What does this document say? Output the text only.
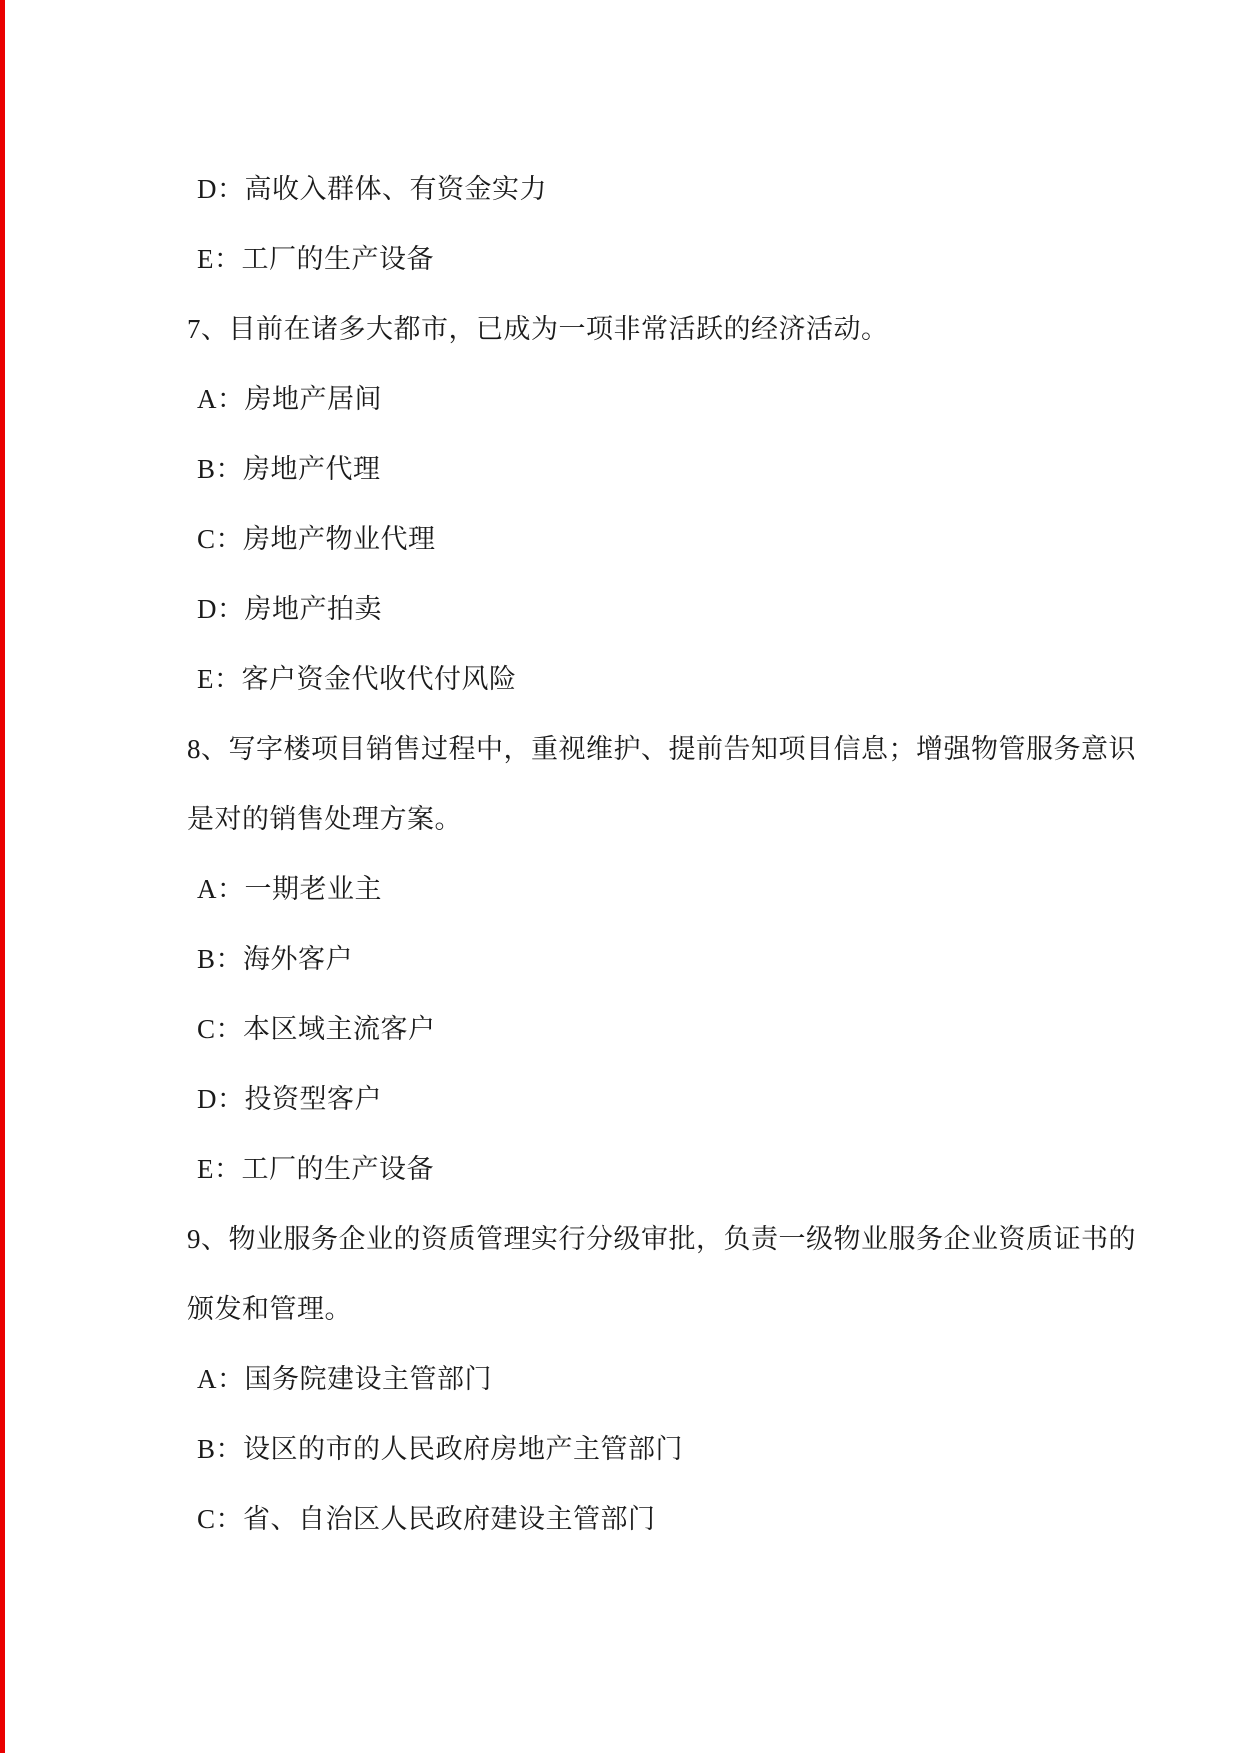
D： 高收入群体、有资金实力
E： 工厂的生产设备
7、 目前在诸多大都市，已成为一项非常活跃的经济活动。
A： 房地产居间
B： 房地产代理
C： 房地产物业代理
D： 房地产拍卖
E： 客户资金代收代付风险
8、 写字楼项目销售过程中，重视维护、提前告知项目信息；增强物管服务意识
是对的销售处理方案。
A： 一期老业主
B： 海外客户
C： 本区域主流客户
D： 投资型客户
E： 工厂的生产设备
9、 物业服务企业的资质管理实行分级审批，负责一级物业服务企业资质证书的
颁发和管理。
A： 国务院建设主管部门
B： 设区的市的人民政府房地产主管部门
C： 省、自治区人民政府建设主管部门
